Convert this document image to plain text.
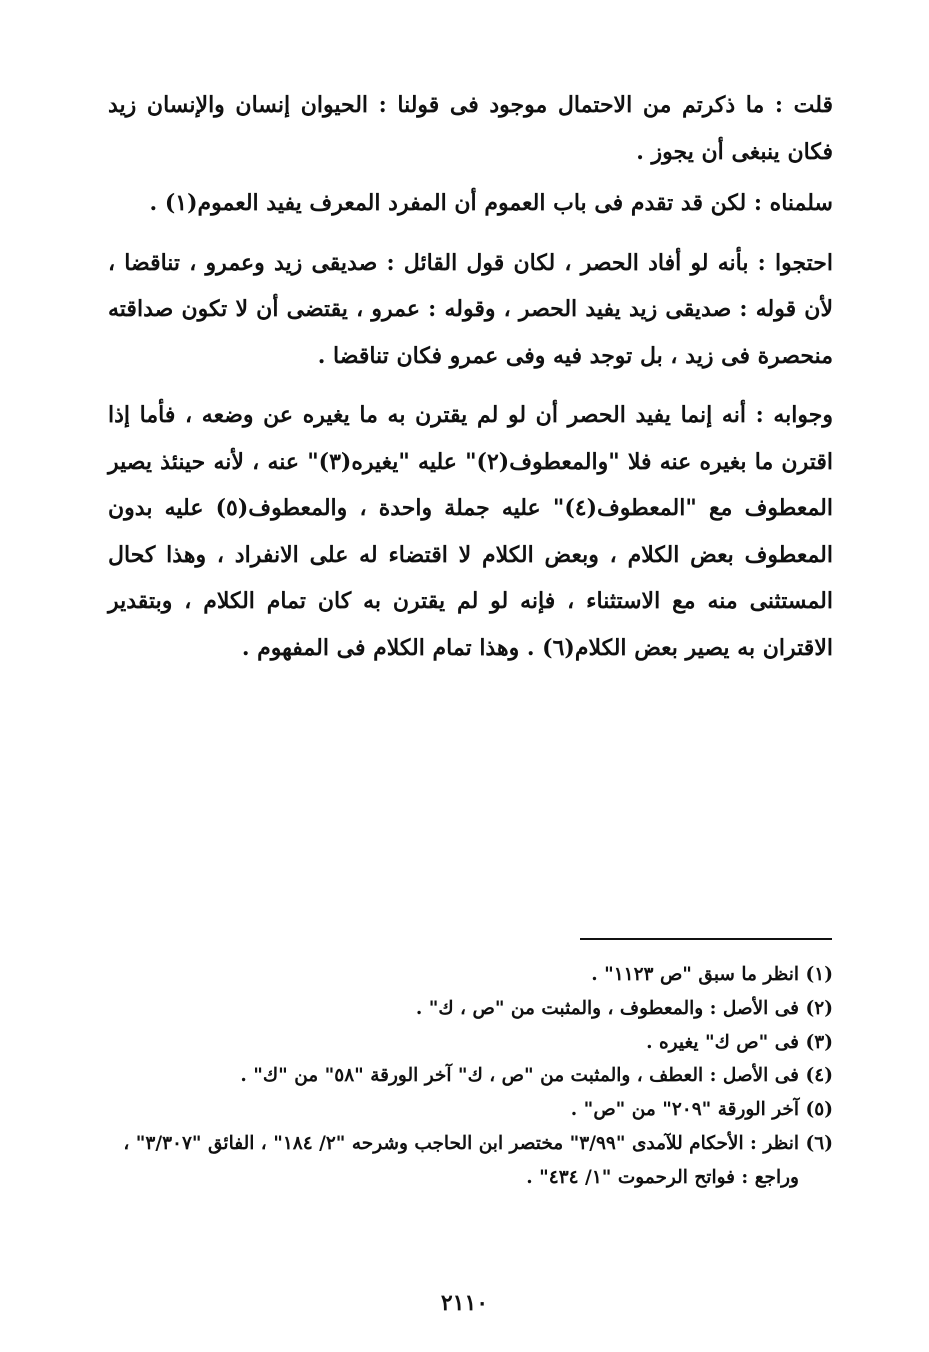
قلت : ما ذكرتم من الاحتمال موجود فى قولنا : الحيوان إنسان والإنسان زيد فكان ينبغى أن يجوز .

سلمناه : لكن قد تقدم فى باب العموم أن المفرد المعرف يفيد العموم(١) .

احتجوا : بأنه لو أفاد الحصر ، لكان قول القائل : صديقى زيد وعمرو ، تناقضا ، لأن قوله : صديقى زيد يفيد الحصر ، وقوله : عمرو ، يقتضى أن لا تكون صداقته منحصرة فى زيد ، بل توجد فيه وفى عمرو فكان تناقضا .

وجوابه : أنه إنما يفيد الحصر أن لو لم يقترن به ما يغيره عن وضعه ، فأما إذا اقترن ما بغيره عنه فلا "والمعطوف(٢)" عليه "يغيره(٣)" عنه ، لأنه حينئذ يصير المعطوف مع "المعطوف(٤)" عليه جملة واحدة ، والمعطوف(٥) عليه بدون المعطوف بعض الكلام ، وبعض الكلام لا اقتضاء له على الانفراد ، وهذا كحال المستثنى منه مع الاستثناء ، فإنه لو لم يقترن به كان تمام الكلام ، وبتقدير الاقتران به يصير بعض الكلام(٦) . وهذا تمام الكلام فى المفهوم .

(١)
انظر ما سبق "ص ١١٢٣" .
(٢)
فى الأصل : والمعطوف ، والمثبت من "ص ، ك" .
(٣)
فى "ص ك" يغيره .
(٤)
فى الأصل : العطف ، والمثبت من "ص ، ك" آخر الورقة "٥٨" من "ك" .
(٥)
آخر الورقة "٢٠٩" من "ص" .
(٦)
انظر : الأحكام للآمدى "٣/٩٩" مختصر ابن الحاجب وشرحه "٢/ ١٨٤" ، الفائق "٣/٣٠٧" ، وراجع : فواتح الرحموت "١/ ٤٣٤" .
٢١١٠
